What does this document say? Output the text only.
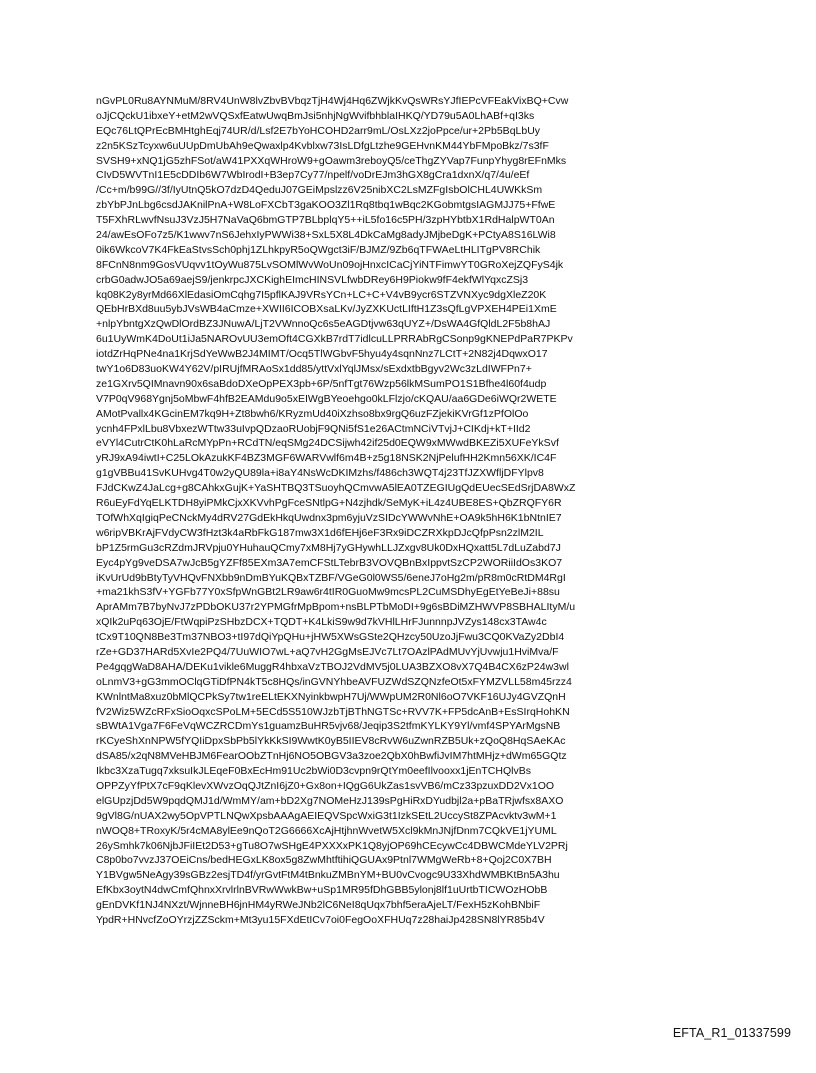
nGvPL0Ru8AYNMuM/8RV4UnW8lvZbvBVbqzTjH4Wj4Hq6ZWjkKvQsWRsYJfIEPcVFEakVixBQ+Cvw
oJjCQckU1ibxeY+etM2wVQSxfEatwUwqBmJsi5nhjNgWvifbhblaIHKQ/YD79u5A0LhABf+qI3ks
EQc76LtQPrEcBMHtghEqj74UR/d/Lsf2E7bYoHCOHD2arr9mL/OsLXz2joPpce/ur+2Pb5BqLbUy
z2n5KSzTcyxw6uUUpDmUbAh9eQwaxlp4Kvblxw73IsLDfgLtzhe9GEHvnKM44YbFMpoBkz/7s3fF
SVSH9+xNQ1jG5zhFSot/aW41PXXqWHroW9+gOawm3reboyQ5/ceThgZYVap7FunpYhyg8rEFnMks
CIvD5WVTnI1E5cDDIb6W7WbIrodI+B3ep7Cy77/npelf/voDrEJm3hGX8gCra1dxnX/q7/4u/eEf
/Cc+m/b99G//3f/IyUtnQ5kO7dzD4QeduJ07GEiMpslzz6V25nibXC2LsMZFgIsbOlCHL4UWKkSm
zbYbPJnLbg6csdJAKnilPnA+W8LoFXCbT3gaKOO3Zl1Rq8tbq1wBqc2KGobmtgsIAGMJJ75+FfwE
T5FXhRLwvfNsuJ3VzJ5H7NaVaQ6bmGTP7BLbplqY5++iL5fo16c5PH/3zpHYbtbX1RdHalpWT0An
24/awEsOFo7z5/K1wwv7nS6JehxIyPWWi38+SxL5X8L4DkCaMg8adyJMjbeDgK+PCtyA8S16LWi8
0ik6WkcoV7K4FkEaStvsSch0phj1ZLhkpyR5oQWgct3iF/BJMZ/9Zb6qTFWAeLtHLITgPV8RChik
8FCnN8nm9GosVUqvv1tOyWu875LvSOMlWvWoUn09ojHnxcICaCjYiNTFimwYT0GRoXejZQFyS4jk
crbG0adwJO5a69aejS9/jenkrpcJXCKighEImcHINSVLfwbDRey6H9Piokw9fF4ekfWlYqxcZSj3
kq08K2y8yrMd66XlEdasiOmCqhg7I5pflKAJ9VRsYCn+LC+C+V4vB9ycr6STZVNXyc9dgXleZ20K
QEbHrBXd8uu5ybJVsWB4aCmze+XWII6ICOBXsaLKv/JyZXKUctLIftH1Z3sQfLgVPXEH4PEi1XmE
+nlpYbntgXzQwDlOrdBZ3JNuwA/LjT2VWnnoQc6s5eAGDtjvw63qUYZ+/DsWA4GfQldL2F5b8hAJ
6u1UyWmK4DoUt1iJa5NAROvUU3emOft4CGXkB7rdT7idlcuLLPRRAbRgCSonp9gKNEPdPaR7PKPv
iotdZrHqPNe4na1KrjSdYeWwB2J4MIMT/Ocq5TlWGbvF5hyu4y4sqnNnz7LCtT+2N82j4DqwxO17
twY1o6D83uoKW4Y62V/pIRUjfMRAoSx1dd85/yttVxlYqlJMsx/sExdxtbBgyv2Wc3zLdIWFPn7+
ze1GXrv5QIMnavn90x6saBdoDXeOpPEX3pb+6P/5nfTgt76Wzp56lkMSumPO1S1Bfhe4l60f4udp
V7P0qV968Ygnj5oMbwF4hfB2EAMdu9o5xEIWgBYeoehgo0kLFlzjo/cKQAU/aa6GDe6iWQr2WETE
AMotPvallx4KGcinEM7kq9H+Zt8bwh6/KRyzmUd40iXzhso8bx9rgQ6uzFZjekiKVrGf1zPfOlOo
ycnh4FPxlLbu8VbxezWTtw33uIvpQDzaoRUobjF9QNi5fS1e26ACtmNCiVTvjJ+CIKdj+kT+IId2
eVYl4CutrCtK0hLaRcMYpPn+RCdTN/eqSMg24DCSijwh42if25d0EQW9xMWwdBKEZi5XUFeYkSvf
yRJ9xA94iwtI+C25LOkAzukKF4BZ3MGF6WARVwlf6m4B+z5g18NSK2NjPelufHH2Kmn56XK/IC4F
g1gVBBu41SvKUHvg4T0w2yQU89la+i8aY4NsWcDKIMzhs/f486ch3WQT4j23TfJZXWfljDFYlpv8
FJdCKwZ4JaLcg+g8CAhkxGujK+YaSHTBQ3TSuoyhQCmvwA5lEA0TZEGIUgQdEUecSEdSrjDA8WxZ
R6uEyFdYqELKTDH8yiPMkCjxXKVvhPgFceSNtlpG+N4zjhdk/SeMyK+iL4z4UBE8ES+QbZRQFY6R
TOfWhXqIgiqPeCNckMy4dRV27GdEkHkqUwdnx3pm6yjuVzSIDcYWWvNhE+OA9k5hH6K1bNtnIE7
w6ripVBKrAjFVdyCW3fHzt3k4aRbFkG187mw3X1d6fEHj6eF3Rx9iDCZRXkpDJcQfpPsn2zlM2IL
bP1Z5rmGu3cRZdmJRVpju0YHuhauQCmy7xM8Hj7yGHywhLLJZxgv8Uk0DxHQxatt5L7dLuZabd7J
Eyc4pYg9veDSA7wJcB5gYZFf85EXm3A7emCFStLTebrB3VOVQBnBxIppvtSzCP2WORiiIdOs3KO7
iKvUrUd9bBtyTyVHQvFNXbb9nDmBYuKQBxTZBF/VGeG0l0WS5/6eneJ7oHg2m/pR8m0cRtDM4RgI
+ma21khS3fV+YGFb77Y0xSfpWnGBt2LR9aw6r4tIR0GuoMw9mcsPL2CuMSDhyEgEtYeBeJi+88su
AprAMm7B7byNvJ7zPDbOKU37r2YPMGfrMpBpom+nsBLPTbMoDI+9g6sBDiMZHWVP8SBHALItyM/u
xQIk2uPq63OjE/FtWqpiPzSHbzDCX+TQDT+K4LkiS9w9d7kVHlLHrFJunnnpJVZys148cx3TAw4c
tCx9T10QN8Be3Tm37NBO3+tI97dQiYpQHu+jHW5XWsGSte2QHzcy50UzoJjFwu3CQ0KVaZy2DbI4
rZe+GD37HARd5XvIe2PQ4/7UuWIO7wL+aQ7vH2GgMsEJVc7Lt7OAzlPAdMUvYjUvwju1HviMva/F
Pe4gqgWaD8AHA/DEKu1vikle6MuggR4hbxaVzTBOJ2VdMV5j0LUA3BZXO8vX7Q4B4CX6zP24w3wl
oLnmV3+gG3mmOClqGTiDfPN4kT5c8HQs/inGVNYhbeAVFUZWdSZQNzfeOt5xFYMZVLL58m45rzz4
KWnlntMa8xuz0bMlQCPkSy7tw1reELtEKXNyinkbwpH7Uj/WWpUM2R0Nl6oO7VKF16UJy4GVZQnH
fV2Wiz5WZcRFxSioOqxcSPoLM+5ECd5S510WJzbTjBThNGTSc+RVV7K+FP5dcAnB+EsSIrqHohKN
sBWtA1Vga7F6FeVqWCZRCDmYs1guamzBuHR5vjv68/Jeqip3S2tfmKYLKY9Yl/vmf4SPYArMgsNB
rKCyeShXnNPW5fYQIiDpxSbPb5lYkKkSI9WwtK0yB5IIEV8cRvW6uZwnRZB5Uk+zQoQ8HqSAeKAc
dSA85/x2qN8MVeHBJM6FearOObZTnHj6NO5OBGV3a3zoe2QbX0hBwfiJvIM7htMHjz+dWm65GQtz
Ikbc3XzaTugq7xksuIkJLEqeF0BxEcHm91Uc2bWi0D3cvpn9rQtYm0eefIlvooxx1jEnTCHQlvBs
OPPZyYfPtX7cF9qKlevXWvzOqQJtZnI6jZ0+Gx8on+IQgG6UkZas1svVB6/mCz33pzuxDD2Vx1OO
elGUpzjDd5W9pqdQMJ1d/WmMY/am+bD2Xg7NOMeHzJ139sPgHiRxDYudbjl2a+pBaTRjwfsx8AXO
9gVl8G/nUAX2wy5OpVPTLNQwXpsbAAAgAEIEQVSpcWxiG3t1IzkSEtL2UccySt8ZPAcvktv3wM+1
nWOQ8+TRoxyK/5r4cMA8ylEe9nQoT2G6666XcAjHtjhnWvetW5Xcl9kMnJNjfDnm7CQkVE1jYUML
26ySmhk7k06NjbJFiIEt2D53+gTu8O7wSHgE4PXXXxPK1Q8yjOP69hCEcywCc4DBWCMdeYLV2PRj
C8p0bo7vvzJ37OEiCns/bedHEGxLK8ox5g8ZwMhtftihiQGUAx9Ptnl7WMgWeRb+8+Qoj2C0X7BH
Y1BVgw5NeAgy39sGBz2esjTD4f/yrGvtFtM4tBnkuZMBnYM+BU0vCvogc9U33XhdWMBKtBn5A3hu
EfKbx3oytN4dwCmfQhnxXrvlrlnBVRwWwkBw+uSp1MR95fDhGBB5ylonj8lf1uUrtbTICWOzHObB
gEnDVKf1NJ4NXzt/WjnneBH6jnHM4yRWeJNb2lC6NeI8qUqx7bhf5eraAjeLT/FexH5zKohBNbiF
YpdR+HNvcfZoOYrzjZZSckm+Mt3yu15FXdEtICv7oi0FegOoXFHUq7z28haiJp428SN8lYR85b4V
EFTA_R1_01337599
